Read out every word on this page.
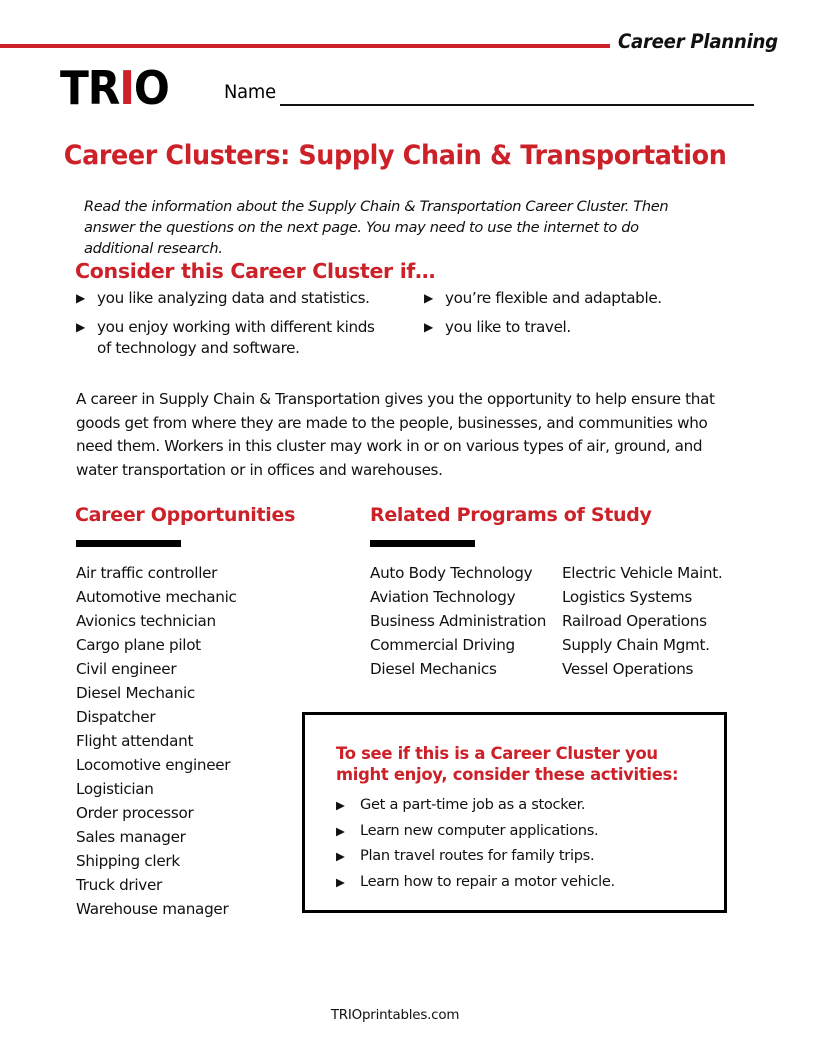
Career Planning
TRIO	Name
Career Clusters: Supply Chain & Transportation
Read the information about the Supply Chain & Transportation Career Cluster. Then answer the questions on the next page. You may need to use the internet to do additional research.
Consider this Career Cluster if…
▶ you like analyzing data and statistics.
▶ you enjoy working with different kinds of technology and software.
▶ you’re flexible and adaptable.
▶ you like to travel.
A career in Supply Chain & Transportation gives you the opportunity to help ensure that goods get from where they are made to the people, businesses, and communities who need them. Workers in this cluster may work in or on various types of air, ground, and water transportation or in offices and warehouses.
Career Opportunities
Air traffic controller
Automotive mechanic
Avionics technician
Cargo plane pilot
Civil engineer
Diesel Mechanic
Dispatcher
Flight attendant
Locomotive engineer
Logistician
Order processor
Sales manager
Shipping clerk
Truck driver
Warehouse manager
Related Programs of Study
Auto Body Technology
Aviation Technology
Business Administration
Commercial Driving
Diesel Mechanics
Electric Vehicle Maint.
Logistics Systems
Railroad Operations
Supply Chain Mgmt.
Vessel Operations
To see if this is a Career Cluster you might enjoy, consider these activities:
▶ Get a part-time job as a stocker.
▶ Learn new computer applications.
▶ Plan travel routes for family trips.
▶ Learn how to repair a motor vehicle.
TRIOprintables.com
